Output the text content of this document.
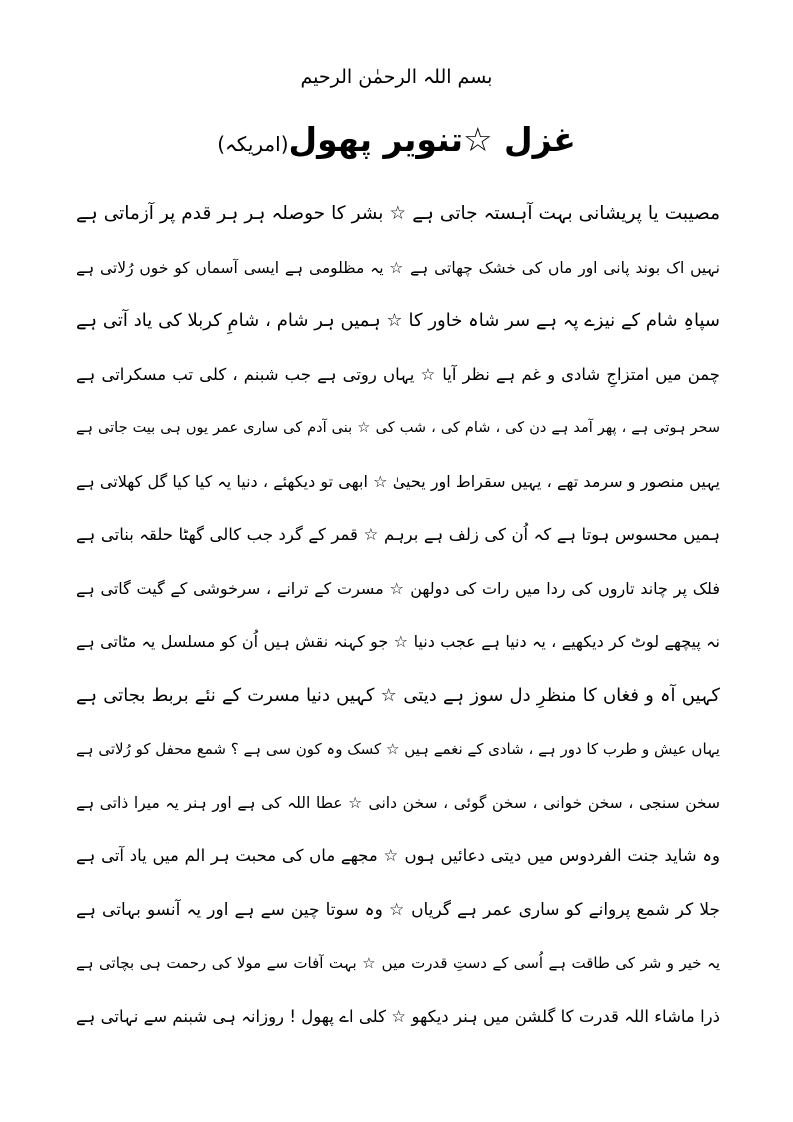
بسم اللہ الرحمٰن الرحیم
غزل ☆تنویر پھول(امریکہ)
مصیبت یا پریشانی بہت آہستہ جاتی ہے ☆ بشر کا حوصلہ ہر ہر قدم پر آزماتی ہے
نہیں اک بوند پانی اور ماں کی خشک چھاتی ہے ☆ یہ مظلومی ہے ایسی آسماں کو خوں رُلاتی ہے
سپاہِ شام کے نیزے پہ ہے سر شاہ خاور کا ☆ ہمیں ہر شام ، شامِ کربلا کی یاد آتی ہے
چمن میں امتزاجِ شادی و غم ہے نظر آیا ☆ یہاں روتی ہے جب شبنم ، کلی تب مسکراتی ہے
سحر ہوتی ہے ، پھر آمد ہے دن کی ، شام کی ، شب کی ☆ بنی آدم کی ساری عمر یوں ہی بیت جاتی ہے
یہیں منصور و سرمد تھے ، یہیں سقراط اور یحییٰ ☆ ابھی تو دیکھئے ، دنیا یہ کیا کیا گل کھلاتی ہے
ہمیں محسوس ہوتا ہے کہ اُن کی زلف ہے برہم ☆ قمر کے گرد جب کالی گھٹا حلقہ بناتی ہے
فلک پر چاند تاروں کی ردا میں رات کی دولھن ☆ مسرت کے ترانے ، سرخوشی کے گیت گاتی ہے
نہ پیچھے لوٹ کر دیکھیے ، یہ دنیا ہے عجب دنیا ☆ جو کہنہ نقش ہیں اُن کو مسلسل یہ مٹاتی ہے
کہیں آہ و فغاں کا منظرِ دل سوز ہے دیتی ☆ کہیں دنیا مسرت کے نئے بربط بجاتی ہے
یہاں عیش و طرب کا دور ہے ، شادی کے نغمے ہیں ☆ کسک وہ کون سی ہے ؟ شمع محفل کو رُلاتی ہے
سخن سنجی ، سخن خوانی ، سخن گوئی ، سخن دانی ☆ عطا اللہ کی ہے اور ہنر یہ میرا ذاتی ہے
وہ شاید جنت الفردوس میں دیتی دعائیں ہوں ☆ مجھے ماں کی محبت ہر الم میں یاد آتی ہے
جلا کر شمع پروانے کو ساری عمر ہے گریاں ☆ وہ سوتا چین سے ہے اور یہ آنسو بہاتی ہے
یہ خیر و شر کی طاقت ہے اُسی کے دستِ قدرت میں ☆ بہت آفات سے مولا کی رحمت ہی بچاتی ہے
ذرا ماشاء اللہ قدرت کا گلشن میں ہنر دیکھو ☆ کلی اے پھول ! روزانہ ہی شبنم سے نہاتی ہے
